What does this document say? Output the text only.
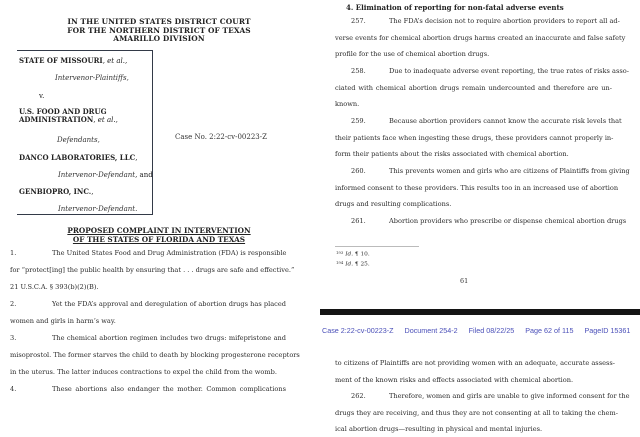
IN THE UNITED STATES DISTRICT COURT
FOR THE NORTHERN DISTRICT OF TEXAS
AMARILLO DIVISION
STATE OF MISSOURI, et al.,
Intervenor-Plaintiffs,
v.
U.S. FOOD AND DRUG
ADMINISTRATION, et al.,
Defendants,
DANCO LABORATORIES, LLC,
Intervenor-Defendant, and
GENBIOPRO, INC.,
Intervenor-Defendant.
Case No. 2:22-cv-00223-Z
PROPOSED COMPLAINT IN INTERVENTION
OF THE STATES OF FLORIDA AND TEXAS
1.	The United States Food and Drug Administration (FDA) is responsible
for “protect[ing] the public health by ensuring that . . . drugs are safe and effective.”
21 U.S.C.A. § 393(b)(2)(B).
2.	Yet the FDA’s approval and deregulation of abortion drugs has placed
women and girls in harm’s way.
3.	The chemical abortion regimen includes two drugs: mifepristone and
misoprostol. The former starves the child to death by blocking progesterone receptors
in the uterus. The latter induces contractions to expel the child from the womb.
4.	These abortions also endanger the mother. Common complications
4. Elimination of reporting for non-fatal adverse events
257.	The FDA’s decision not to require abortion providers to report all ad-
verse events for chemical abortion drugs harms created an inaccurate and false safety
profile for the use of chemical abortion drugs.
258.	Due to inadequate adverse event reporting, the true rates of risks asso-
ciated with chemical abortion drugs remain undercounted and therefore are un-
known.
259.	Because abortion providers cannot know the accurate risk levels that
their patients face when ingesting these drugs, these providers cannot properly in-
form their patients about the risks associated with chemical abortion.
260.	This prevents women and girls who are citizens of Plaintiffs from giving
informed consent to these providers. This results too in an increased use of abortion
drugs and resulting complications.
261.	Abortion providers who prescribe or dispense chemical abortion drugs
$^{193}$ Id. ¶ 10.
$^{194}$ Id. ¶ 25.
61
Case 2:22-cv-00223-Z Document 254-2 Filed 08/22/25 Page 62 of 115 PageID 15361
to citizens of Plaintiffs are not providing women with an adequate, accurate assess-
ment of the known risks and effects associated with chemical abortion.
262.	Therefore, women and girls are unable to give informed consent for the
drugs they are receiving, and thus they are not consenting at all to taking the chem-
ical abortion drugs—resulting in physical and mental injuries.
